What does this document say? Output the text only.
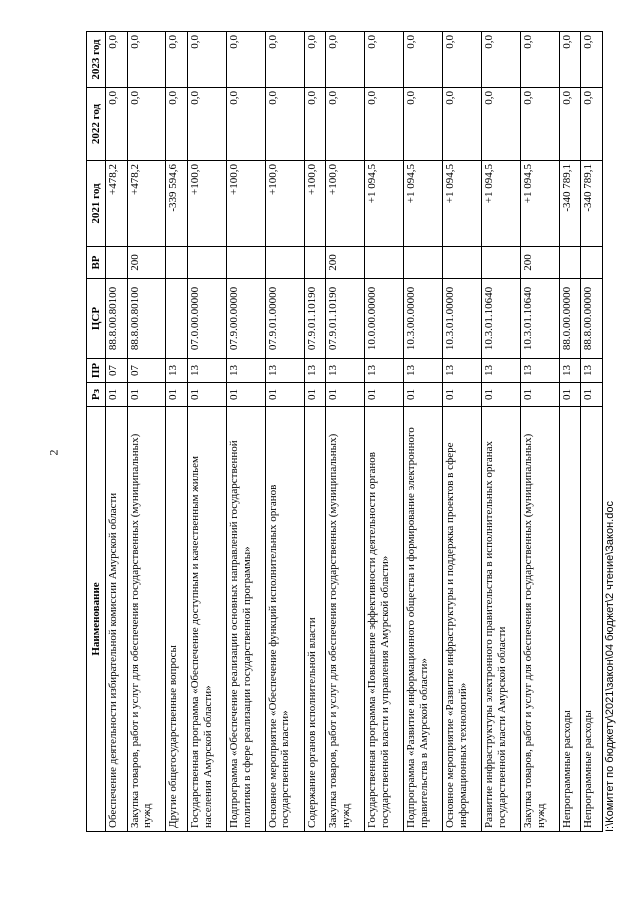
2
Наименование	Рз	ПР	ЦСР	ВР	2021 год	2022 год	2023 год
Обеспечение деятельности избирательной комиссии Амурской области	01	07	88.8.00.80100		+478,2	0,0	0,0
Закупка товаров, работ и услуг для обеспечения государственных (муниципальных) нужд	01	07	88.8.00.80100	200	+478,2	0,0	0,0
Другие общегосударственные вопросы	01	13			-339 594,6	0,0	0,0
Государственная программа «Обеспечение доступным и качественным жильем населения Амурской области»	01	13	07.0.00.00000		+100,0	0,0	0,0
Подпрограмма «Обеспечение реализации основных направлений государственной политики в сфере реализации государственной программы»	01	13	07.9.00.00000		+100,0	0,0	0,0
Основное мероприятие «Обеспечение функций исполнительных органов государственной власти»	01	13	07.9.01.00000		+100,0	0,0	0,0
Содержание органов исполнительной власти	01	13	07.9.01.10190		+100,0	0,0	0,0
Закупка товаров, работ и услуг для обеспечения государственных (муниципальных) нужд	01	13	07.9.01.10190	200	+100,0	0,0	0,0
Государственная программа «Повышение эффективности деятельности органов государственной власти и управления Амурской области»	01	13	10.0.00.00000		+1 094,5	0,0	0,0
Подпрограмма «Развитие информационного общества и формирование электронного правительства в Амурской области»	01	13	10.3.00.00000		+1 094,5	0,0	0,0
Основное мероприятие «Развитие инфраструктуры и поддержка проектов в сфере информационных технологий»	01	13	10.3.01.00000		+1 094,5	0,0	0,0
Развитие инфраструктуры электронного правительства в исполнительных органах государственной власти Амурской области	01	13	10.3.01.10640		+1 094,5	0,0	0,0
Закупка товаров, работ и услуг для обеспечения государственных (муниципальных) нужд	01	13	10.3.01.10640	200	+1 094,5	0,0	0,0
Непрограммные расходы	01	13	88.0.00.00000		-340 789,1	0,0	0,0
Непрограммные расходы	01	13	88.8.00.00000		-340 789,1	0,0	0,0
I:\Комитет по бюджету\2021\закон\04 бюджет\2 чтение\Закон.doc
